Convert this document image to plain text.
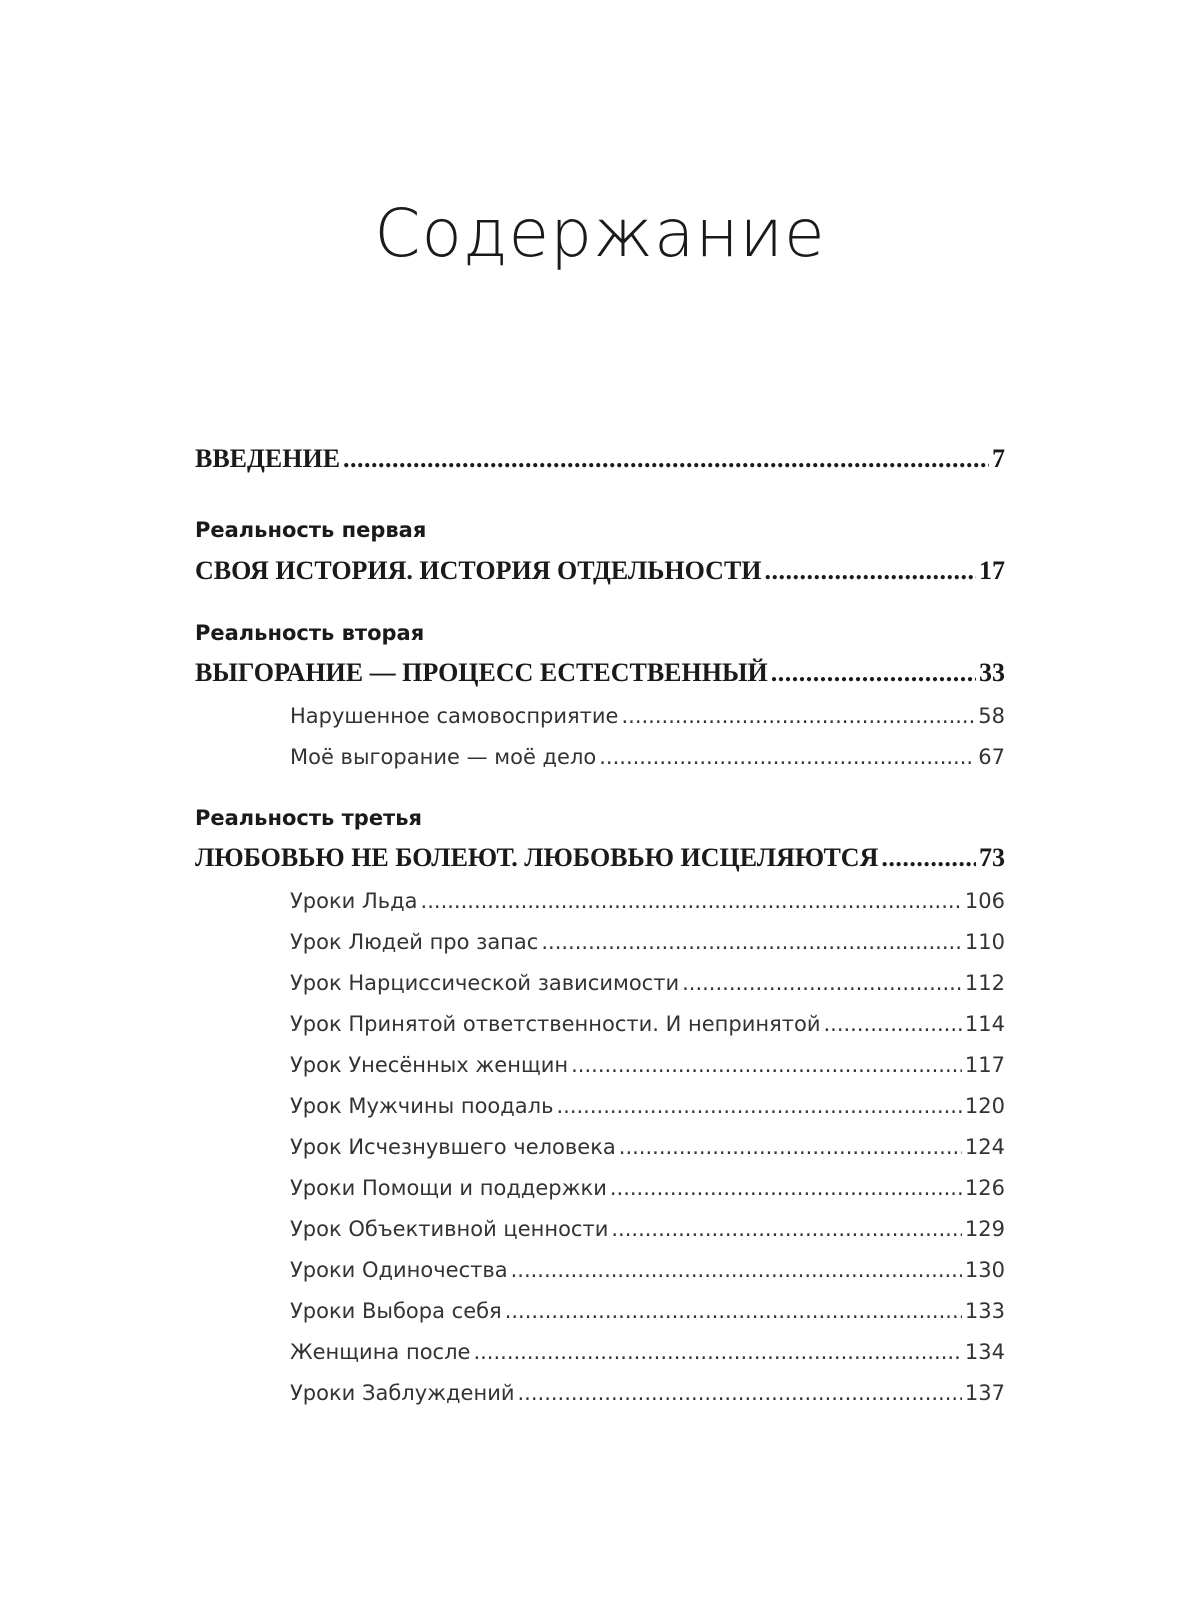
Содержание
ВВЕДЕНИЕ .....	7
Реальность первая
СВОЯ ИСТОРИЯ. ИСТОРИЯ ОТДЕЛЬНОСТИ .....	17
Реальность вторая
ВЫГОРАНИЕ — ПРОЦЕСС ЕСТЕСТВЕННЫЙ .....	33
Нарушенное самовосприятие .....	58
Моё выгорание — моё дело .....	67
Реальность третья
ЛЮБОВЬЮ НЕ БОЛЕЮТ. ЛЮБОВЬЮ ИСЦЕЛЯЮТСЯ .....	73
Уроки Льда .....	106
Урок Людей про запас .....	110
Урок Нарциссической зависимости .....	112
Урок Принятой ответственности. И непринятой .....	114
Урок Унесённых женщин .....	117
Урок Мужчины поодаль .....	120
Урок Исчезнувшего человека .....	124
Уроки Помощи и поддержки .....	126
Урок Объективной ценности .....	129
Уроки Одиночества .....	130
Уроки Выбора себя .....	133
Женщина после .....	134
Уроки Заблуждений .....	137
